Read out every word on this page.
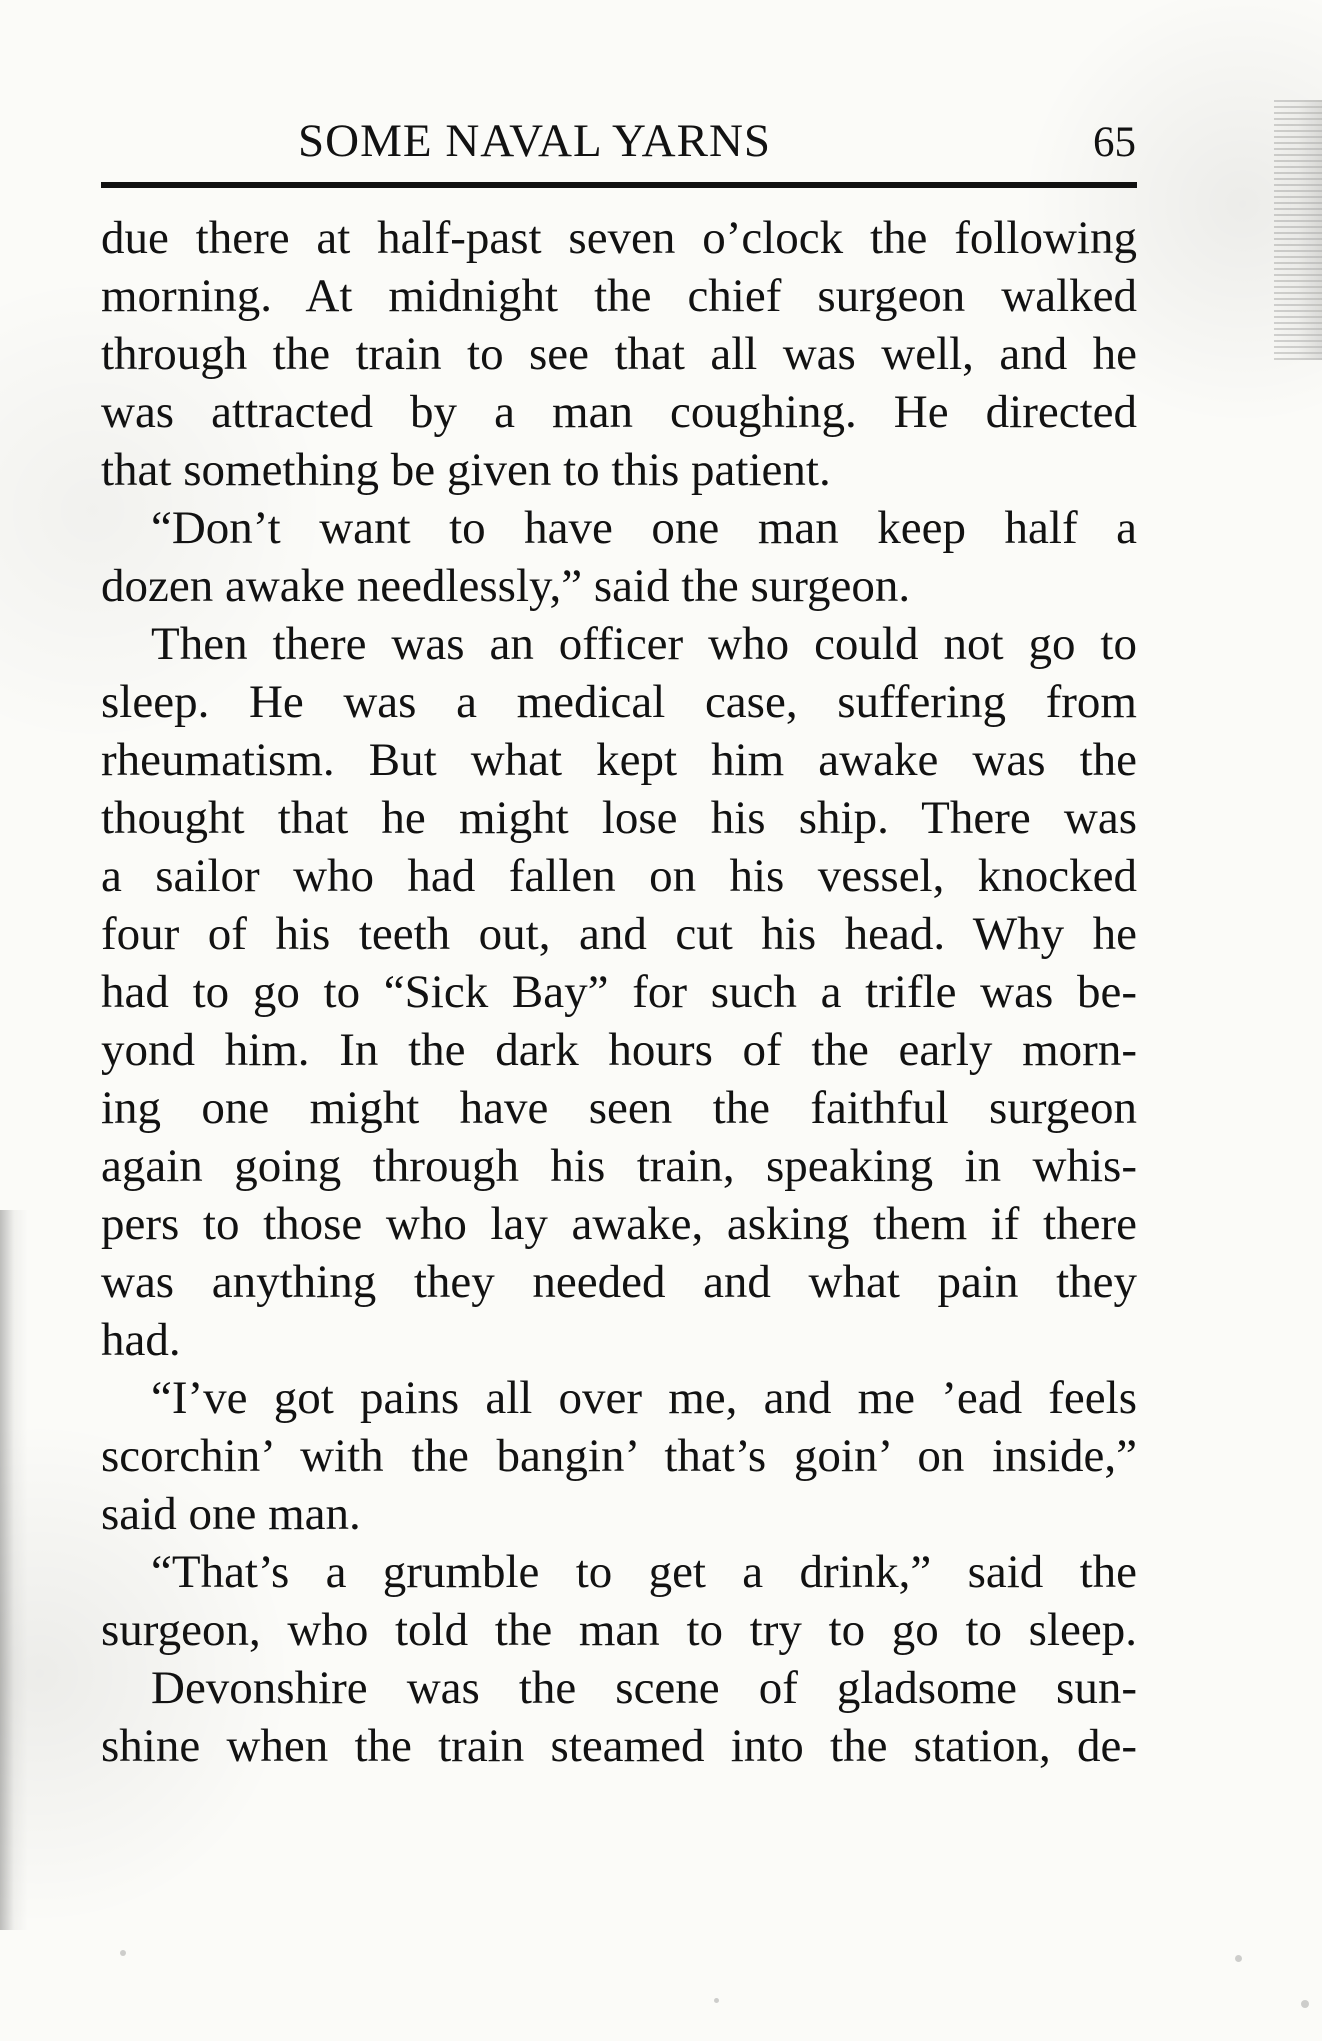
SOME NAVAL YARNS	65
due there at half-past seven o’clock the following
morning. At midnight the chief surgeon walked
through the train to see that all was well, and he
was attracted by a man coughing. He directed
that something be given to this patient.
“Don’t want to have one man keep half a
dozen awake needlessly,” said the surgeon.
Then there was an officer who could not go to
sleep. He was a medical case, suffering from
rheumatism. But what kept him awake was the
thought that he might lose his ship. There was
a sailor who had fallen on his vessel, knocked
four of his teeth out, and cut his head. Why he
had to go to “Sick Bay” for such a trifle was be-
yond him. In the dark hours of the early morn-
ing one might have seen the faithful surgeon
again going through his train, speaking in whis-
pers to those who lay awake, asking them if there
was anything they needed and what pain they
had.
“I’ve got pains all over me, and me ’ead feels
scorchin’ with the bangin’ that’s goin’ on inside,”
said one man.
“That’s a grumble to get a drink,” said the
surgeon, who told the man to try to go to sleep.
Devonshire was the scene of gladsome sun-
shine when the train steamed into the station, de-
